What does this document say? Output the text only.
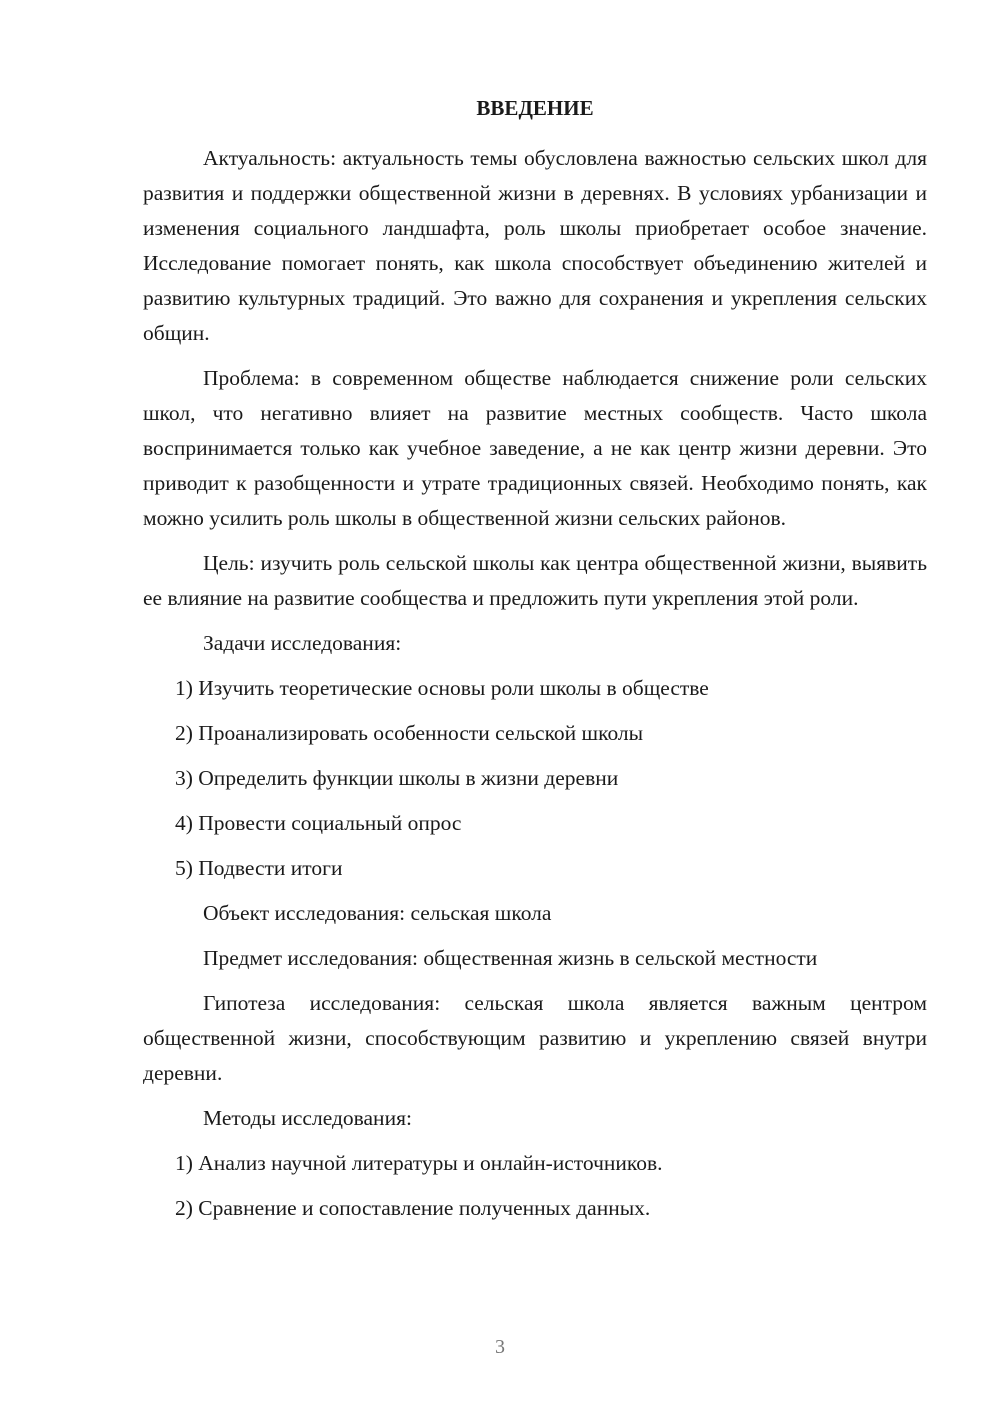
ВВЕДЕНИЕ

Актуальность: актуальность темы обусловлена важностью сельских школ для развития и поддержки общественной жизни в деревнях. В условиях урбанизации и изменения социального ландшафта, роль школы приобретает особое значение. Исследование помогает понять, как школа способствует объединению жителей и развитию культурных традиций. Это важно для сохранения и укрепления сельских общин.

Проблема: в современном обществе наблюдается снижение роли сельских школ, что негативно влияет на развитие местных сообществ. Часто школа воспринимается только как учебное заведение, а не как центр жизни деревни. Это приводит к разобщенности и утрате традиционных связей. Необходимо понять, как можно усилить роль школы в общественной жизни сельских районов.

Цель: изучить роль сельской школы как центра общественной жизни, выявить ее влияние на развитие сообщества и предложить пути укрепления этой роли.

Задачи исследования:

1) Изучить теоретические основы роли школы в обществе

2) Проанализировать особенности сельской школы

3) Определить функции школы в жизни деревни

4) Провести социальный опрос

5) Подвести итоги

Объект исследования: сельская школа

Предмет исследования: общественная жизнь в сельской местности

Гипотеза исследования: сельская школа является важным центром общественной жизни, способствующим развитию и укреплению связей внутри деревни.

Методы исследования:

1) Анализ научной литературы и онлайн-источников.

2) Сравнение и сопоставление полученных данных.

3
